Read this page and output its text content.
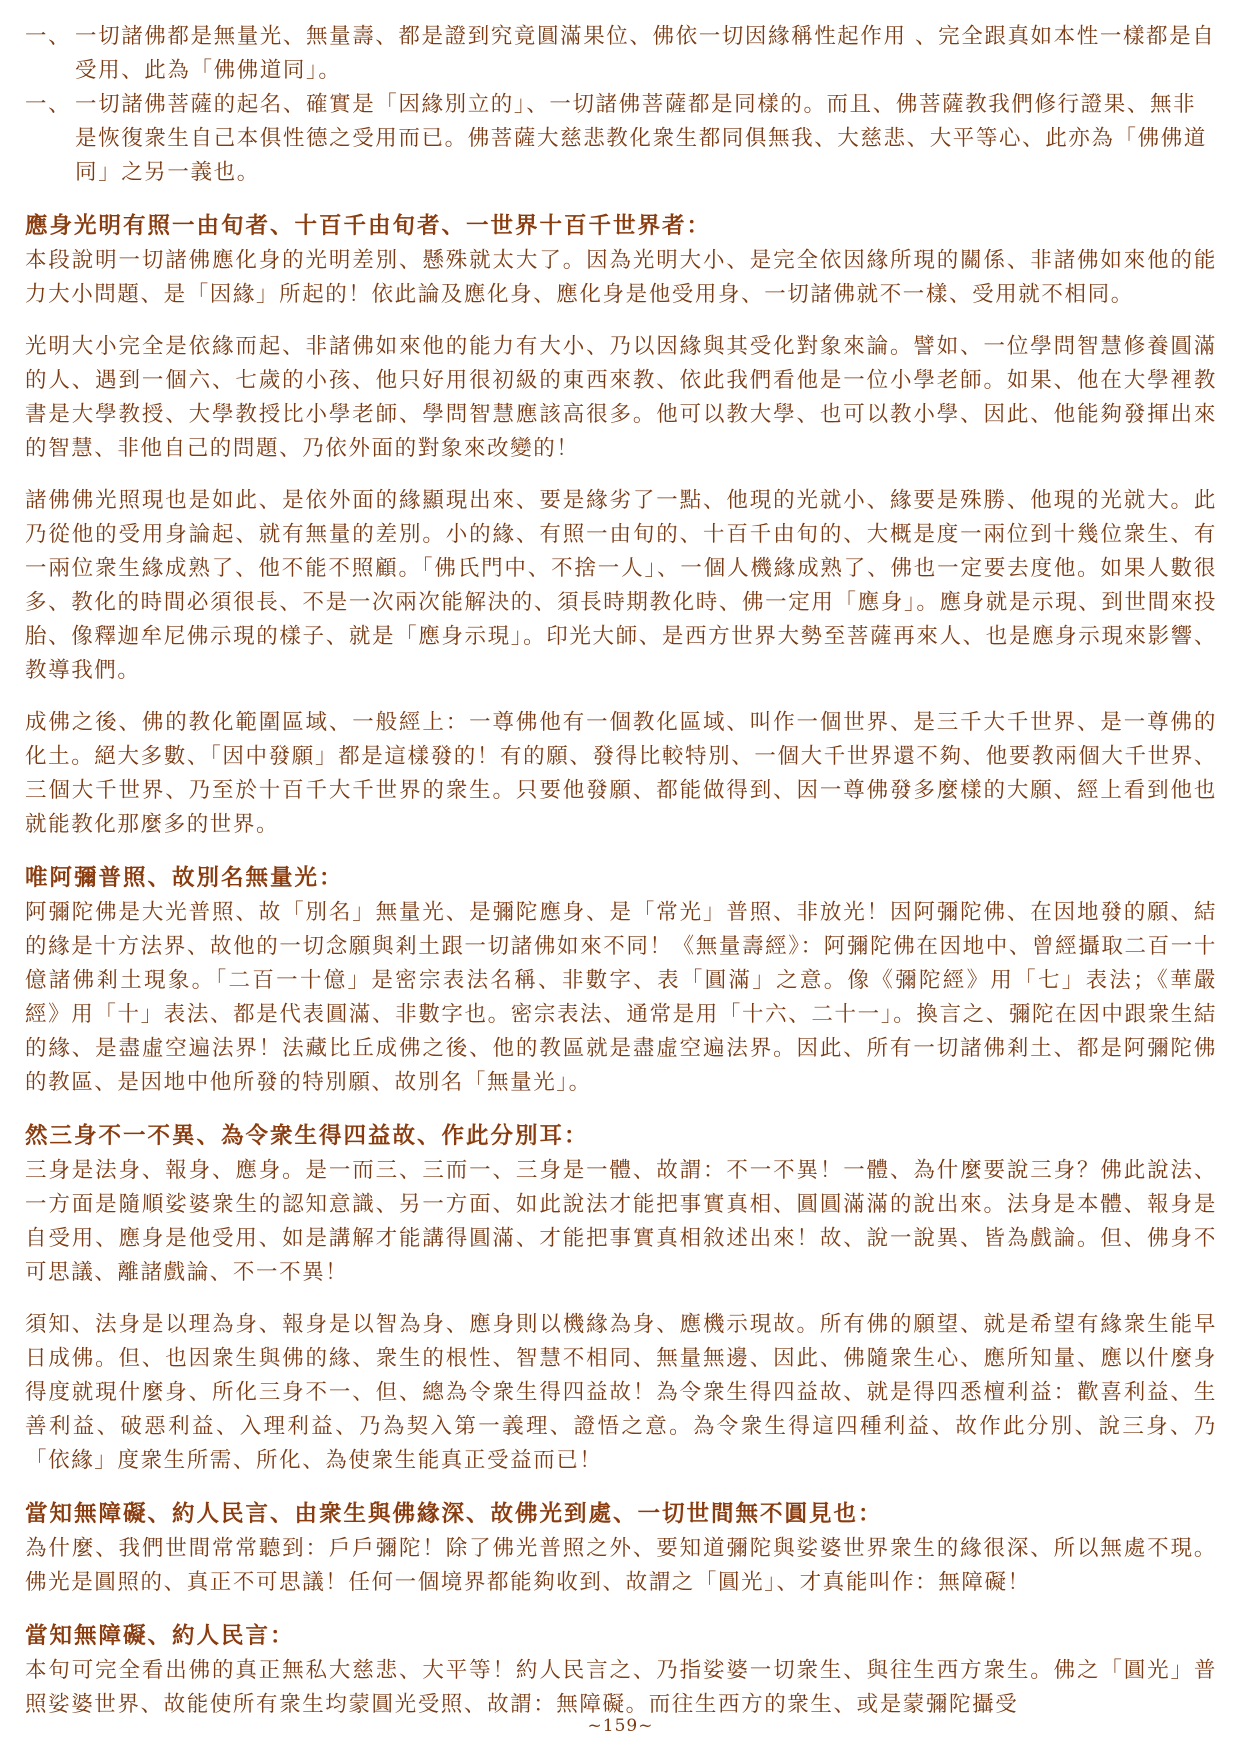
一、 一切諸佛都是無量光、無量壽、都是證到究竟圓滿果位、佛依一切因緣稱性起作用 、完全跟真如本性一樣都是自受用、此為「佛佛道同」。

一、 一切諸佛菩薩的起名、確實是「因緣別立的」、一切諸佛菩薩都是同樣的。而且、佛菩薩教我們修行證果、無非是恢復衆生自己本俱性德之受用而已。佛菩薩大慈悲教化衆生都同俱無我、大慈悲、大平等心、此亦為「佛佛道同」之另一義也。

應身光明有照一由旬者、十百千由旬者、一世界十百千世界者：

本段說明一切諸佛應化身的光明差別、懸殊就太大了。因為光明大小、是完全依因緣所現的關係、非諸佛如來他的能力大小問題、是「因緣」所起的！依此論及應化身、應化身是他受用身、一切諸佛就不一樣、受用就不相同。

光明大小完全是依緣而起、非諸佛如來他的能力有大小、乃以因緣與其受化對象來論。譬如、一位學問智慧修養圓滿的人、遇到一個六、七歲的小孩、他只好用很初級的東西來教、依此我們看他是一位小學老師。如果、他在大學裡教書是大學教授、大學教授比小學老師、學問智慧應該高很多。他可以教大學、也可以教小學、因此、他能夠發揮出來的智慧、非他自己的問題、乃依外面的對象來改變的！

諸佛佛光照現也是如此、是依外面的緣顯現出來、要是緣劣了一點、他現的光就小、緣要是殊勝、他現的光就大。此乃從他的受用身論起、就有無量的差別。小的緣、有照一由旬的、十百千由旬的、大概是度一兩位到十幾位衆生、有一兩位衆生緣成熟了、他不能不照顧。「佛氏門中、不捨一人」、一個人機緣成熟了、佛也一定要去度他。如果人數很多、教化的時間必須很長、不是一次兩次能解決的、須長時期教化時、佛一定用「應身」。應身就是示現、到世間來投胎、像釋迦牟尼佛示現的樣子、就是「應身示現」。印光大師、是西方世界大勢至菩薩再來人、也是應身示現來影響、教導我們。

成佛之後、佛的教化範圍區域、一般經上：一尊佛他有一個教化區域、叫作一個世界、是三千大千世界、是一尊佛的化土。絕大多數、「因中發願」都是這樣發的！有的願、發得比較特別、一個大千世界還不夠、他要教兩個大千世界、三個大千世界、乃至於十百千大千世界的衆生。只要他發願、都能做得到、因一尊佛發多麼樣的大願、經上看到他也就能教化那麼多的世界。

唯阿彌普照、故別名無量光：

阿彌陀佛是大光普照、故「別名」無量光、是彌陀應身、是「常光」普照、非放光！因阿彌陀佛、在因地發的願、結的緣是十方法界、故他的一切念願與剎土跟一切諸佛如來不同！《無量壽經》：阿彌陀佛在因地中、曾經攝取二百一十億諸佛剎土現象。「二百一十億」是密宗表法名稱、非數字、表「圓滿」之意。像《彌陀經》用「七」表法；《華嚴經》用「十」表法、都是代表圓滿、非數字也。密宗表法、通常是用「十六、二十一」。換言之、彌陀在因中跟衆生結的緣、是盡虛空遍法界！法藏比丘成佛之後、他的教區就是盡虛空遍法界。因此、所有一切諸佛剎土、都是阿彌陀佛的教區、是因地中他所發的特別願、故別名「無量光」。

然三身不一不異、為令衆生得四益故、作此分別耳：

三身是法身、報身、應身。是一而三、三而一、三身是一體、故謂：不一不異！一體、為什麼要說三身？佛此說法、一方面是隨順娑婆衆生的認知意識、另一方面、如此說法才能把事實真相、圓圓滿滿的說出來。法身是本體、報身是自受用、應身是他受用、如是講解才能講得圓滿、才能把事實真相敘述出來！故、說一說異、皆為戲論。但、佛身不可思議、離諸戲論、不一不異！

須知、法身是以理為身、報身是以智為身、應身則以機緣為身、應機示現故。所有佛的願望、就是希望有緣衆生能早日成佛。但、也因衆生與佛的緣、衆生的根性、智慧不相同、無量無邊、因此、佛隨衆生心、應所知量、應以什麼身得度就現什麼身、所化三身不一、但、總為令衆生得四益故！為令衆生得四益故、就是得四悉檀利益：歡喜利益、生善利益、破惡利益、入理利益、乃為契入第一義理、證悟之意。為令衆生得這四種利益、故作此分別、說三身、乃「依緣」度衆生所需、所化、為使衆生能真正受益而已！

當知無障礙、約人民言、由衆生與佛緣深、故佛光到處、一切世間無不圓見也：

為什麼、我們世間常常聽到：戶戶彌陀！除了佛光普照之外、要知道彌陀與娑婆世界衆生的緣很深、所以無處不現。佛光是圓照的、真正不可思議！任何一個境界都能夠收到、故謂之「圓光」、才真能叫作：無障礙！

當知無障礙、約人民言：

本句可完全看出佛的真正無私大慈悲、大平等！約人民言之、乃指娑婆一切衆生、與往生西方衆生。佛之「圓光」普照娑婆世界、故能使所有衆生均蒙圓光受照、故謂：無障礙。而往生西方的衆生、或是蒙彌陀攝受

~159~
